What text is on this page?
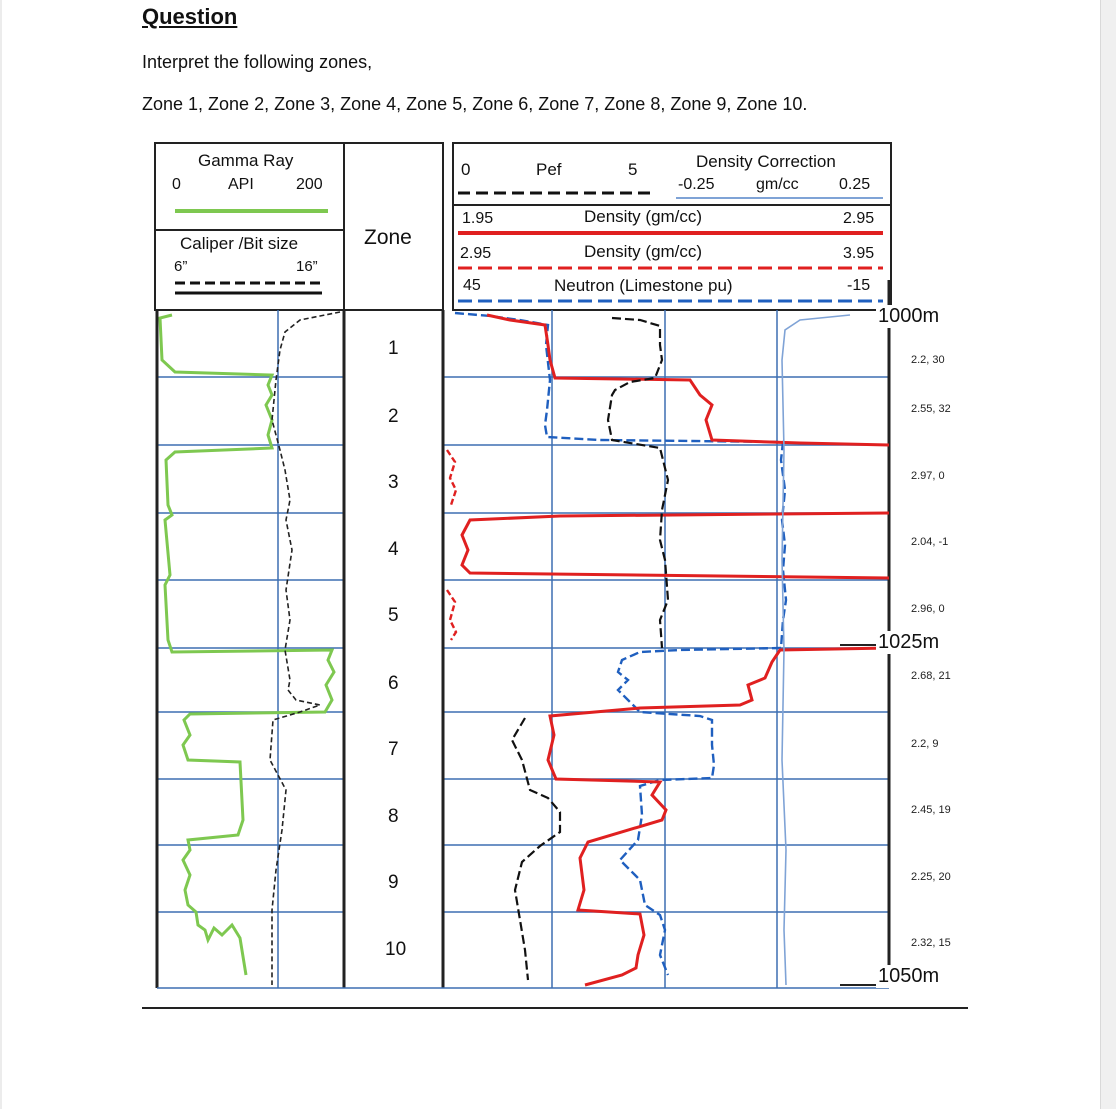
Question
Interpret the following zones,
Zone 1, Zone 2, Zone 3, Zone 4, Zone 5, Zone 6, Zone 7, Zone 8, Zone 9, Zone 10.
Gamma Ray
0	API	200
Caliper /Bit size
6”	16”
Zone
0	Pef	5	Density Correction
-0.25	gm/cc	0.25
1.95	Density (gm/cc)	2.95
2.95	Density (gm/cc)	3.95
45	Neutron (Limestone pu)	-15
1000m
1025m
1050m
1
2
3
4
5
6
7
8
9
10
2.2, 30
2.55, 32
2.97, 0
2.04, -1
2.96, 0
2.68, 21
2.2, 9
2.45, 19
2.25, 20
2.32, 15
